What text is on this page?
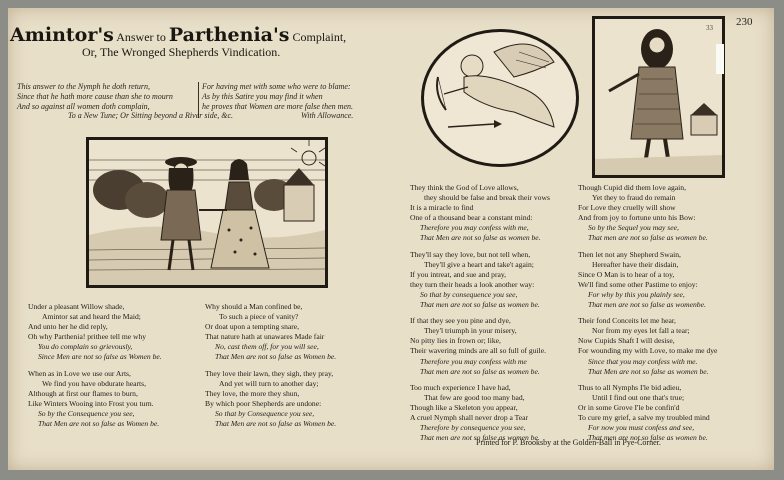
Amintor's Answer to Parthenia's Complaint,
Or, The Wronged Shepherds Vindication.
This answer to the Nymph he doth return,
Since that he hath more cause than she to mourn
And so against all women doth complain,
For having met with some who were to blame:
As by this Satire you may find it when
he proves that Women are more false then men.
To a New Tune; Or Sitting beyond a River side, &c.	With Allowance.
33 230
Under a pleasant Willow shade,
Amintor sat and heard the Maid;
And unto her he did reply,
Oh why Parthenia! prithee tell me why
You do complain so grievously,
Since Men are not so false as Women be.
When as in Love we use our Arts,
We find you have obdurate hearts,
Although at first our flames to burn,
Like Winters Wooing into Frost you turn.
So by the Consequence you see,
That Men are not so false as Women be.
Why should a Man confined be,
To such a piece of vanity?
Or doat upon a tempting snare,
That nature hath at unawares Made fair
No, cast them off, for you will see,
That Men are not so false as Women be.
They love their lawn, they sigh, they pray,
And yet will turn to another day;
They love, the more they shun,
By which poor Shepherds are undone:
So that by Consequence you see,
That Men are not so false as Women be.
They think the God of Love allows,
they should be false and break their vows
It is a miracle to find
One of a thousand bear a constant mind:
Therefore you may confess with me,
That Men are not so false as women be.
They'll say they love, but not tell when,
They'll give a heart and take't again;
If you intreat, and sue and pray,
they turn their heads a look another way:
So that by consequence you see,
That men are not so false as women be.
If that they see you pine and dye,
They'l triumph in your misery,
No pitty lies in frown or; like,
Their wavering minds are all so full of guile.
Therefore you may confess with me
That men are not so false as women be.
Too much experience I have had,
That few are good too many bad,
Though like a Skeleton you appear,
A cruel Nymph shall never drop a Tear
Therefore by consequence you see,
That men are not so false as women be.
Though Cupid did them love again,
Yet they to fraud do remain
For Love they cruelly will show
And from joy to fortune unto his Bow:
So by the Sequel you may see,
That men are not so false as women be.
Then let not any Shepherd Swain,
Hereafter have their disdain,
Since O Man is to hear of a toy,
We'll find some other Pastime to enjoy:
For why by this you plainly see,
That men are not so false as womenbe.
Their fond Conceits let me hear,
Nor from my eyes let fall a tear;
Now Cupids Shaft I will desise,
For wounding my with Love, to make me dye
Since that you may confess with me.
That Men are not so false as women be.
Thus to all Nymphs I'le bid adieu,
Until I find out one that's true;
Or in some Grove I'le be confin'd
To cure my grief, a salve my troubled mind
For now you must confess and see,
That men are not so false as women be.
Printed for P. Brooksby at the Golden-Ball in Pye-Corner.
